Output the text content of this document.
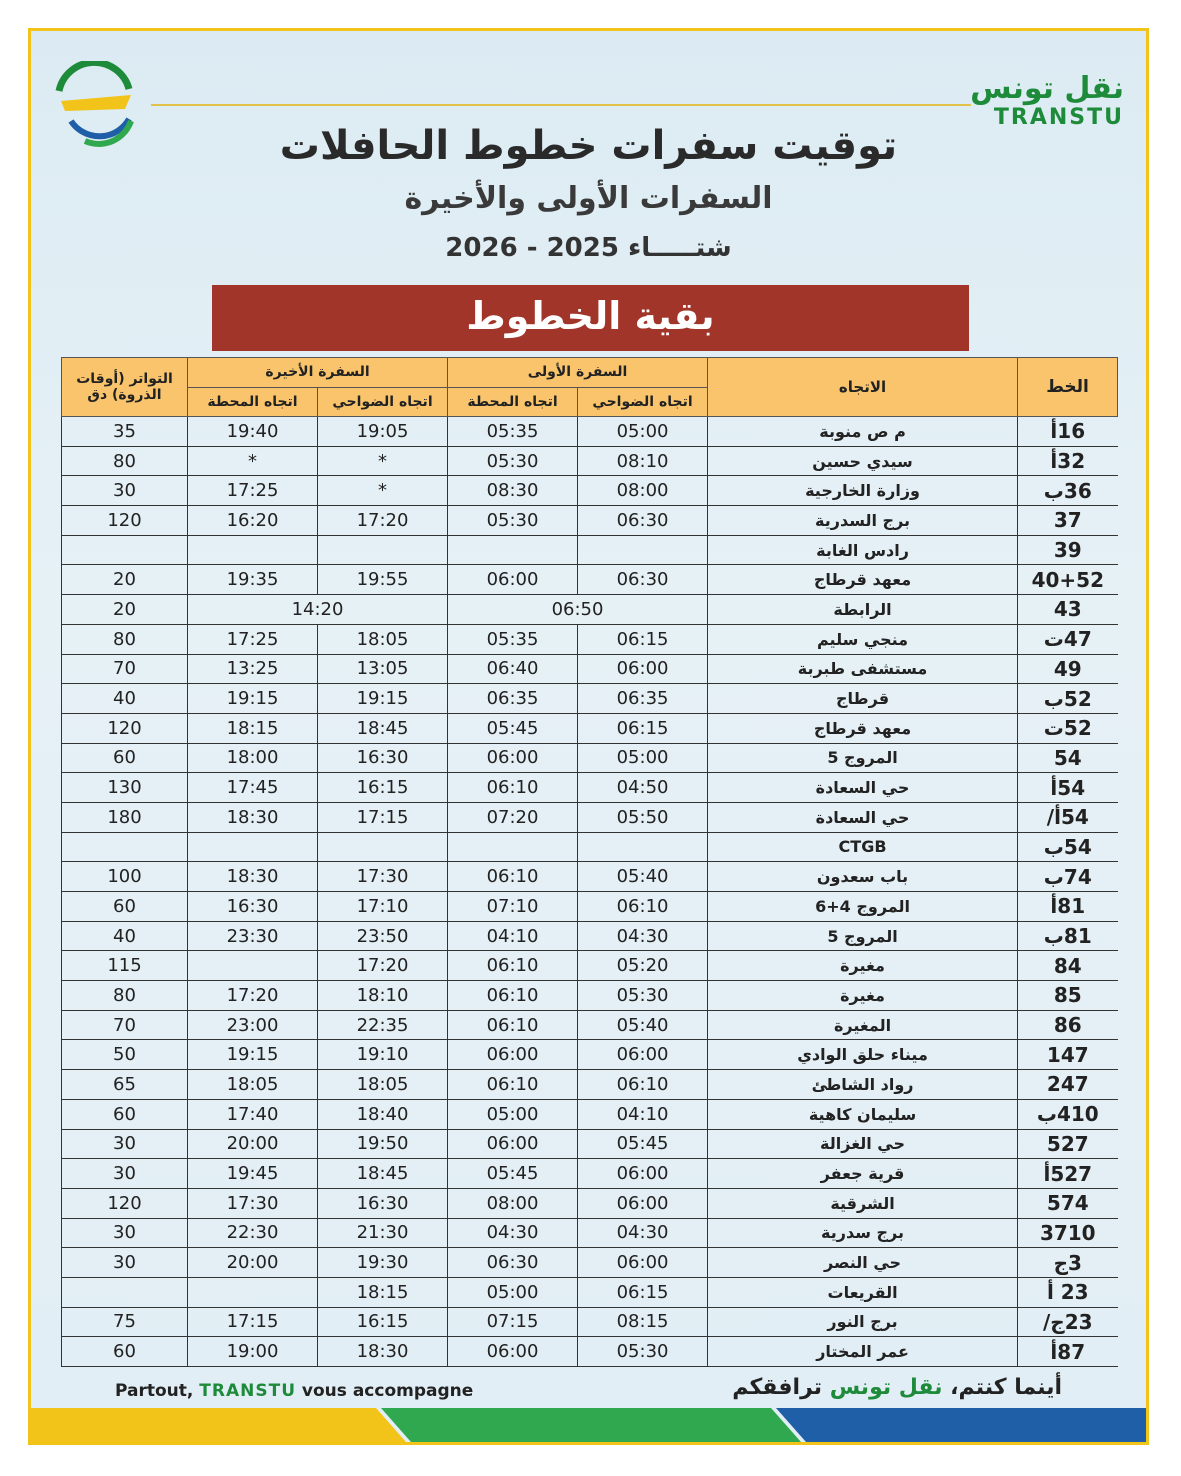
نقل تونس
TRANSTU
توقيت سفرات خطوط الحافلات
السفرات الأولى والأخيرة
شتـــــاء 2025 - 2026
بقية الخطوط
الخط	الاتجاه	السفرة الأولى		السفرة الأخيرة		التواتر (أوقات الذروة) دق
		اتجاه الضواحي	اتجاه المحطة	اتجاه الضواحي	اتجاه المحطة	
16أ	م ص منوبة	05:00	05:35	19:05	19:40	35
32أ	سيدي حسين	08:10	05:30	*	*	80
36ب	وزارة الخارجية	08:00	08:30	*	17:25	30
37	برج السدرية	06:30	05:30	17:20	16:20	120
39	رادس الغابة					
40+52	معهد قرطاج	06:30	06:00	19:55	19:35	20
43	الرابطة	06:50		14:20		20
47ت	منجي سليم	06:15	05:35	18:05	17:25	80
49	مستشفى طبربة	06:00	06:40	13:05	13:25	70
52ب	قرطاج	06:35	06:35	19:15	19:15	40
52ت	معهد قرطاج	06:15	05:45	18:45	18:15	120
54	المروج 5	05:00	06:00	16:30	18:00	60
54أ	حي السعادة	04:50	06:10	16:15	17:45	130
54أ/	حي السعادة	05:50	07:20	17:15	18:30	180
54ب	CTGB					
74ب	باب سعدون	05:40	06:10	17:30	18:30	100
81أ	المروج 4+6	06:10	07:10	17:10	16:30	60
81ب	المروج 5	04:30	04:10	23:50	23:30	40
84	مغيرة	05:20	06:10	17:20		115
85	مغيرة	05:30	06:10	18:10	17:20	80
86	المغيرة	05:40	06:10	22:35	23:00	70
147	ميناء حلق الوادي	06:00	06:00	19:10	19:15	50
247	رواد الشاطئ	06:10	06:10	18:05	18:05	65
410ب	سليمان كاهية	04:10	05:00	18:40	17:40	60
527	حي الغزالة	05:45	06:00	19:50	20:00	30
527أ	قرية جعفر	06:00	05:45	18:45	19:45	30
574	الشرقية	06:00	08:00	16:30	17:30	120
3710	برج سدرية	04:30	04:30	21:30	22:30	30
3ج	حي النصر	06:00	06:30	19:30	20:00	30
23 أ	القريعات	06:15	05:00	18:15		
23ج/	برج النور	08:15	07:15	16:15	17:15	75
87أ	عمر المختار	05:30	06:00	18:30	19:00	60
Partout, TRANSTU vous accompagne	أينما كنتم، نقل تونس ترافقكم
